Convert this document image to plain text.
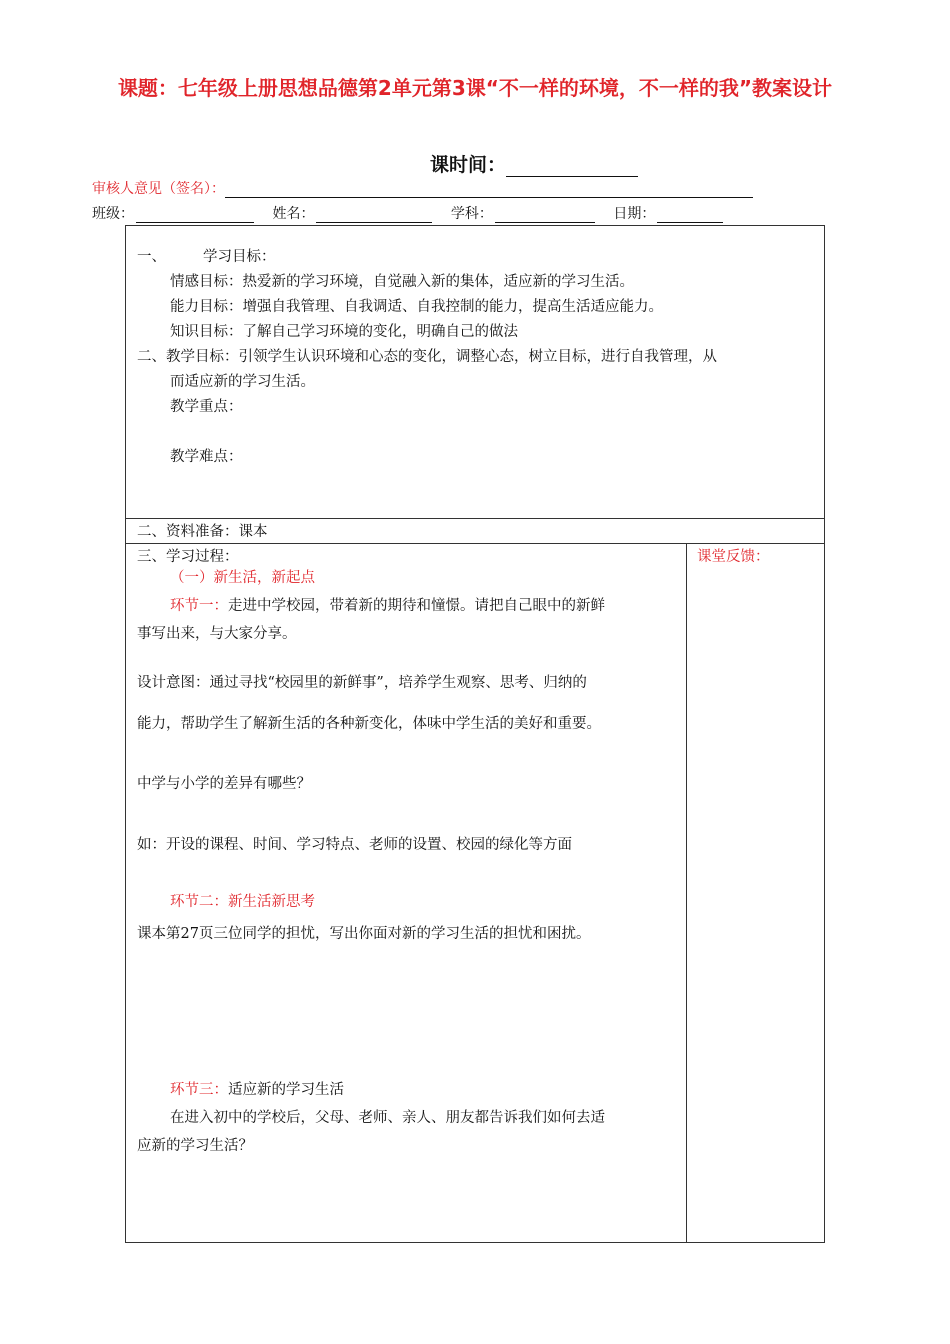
课题：七年级上册思想品德第2单元第3课“不一样的环境，不一样的我”教案设计
课时间：
审核人意见（签名）：
班级：	姓名：	学科：	日期：
一、	学习目标：
情感目标：热爱新的学习环境，自觉融入新的集体，适应新的学习生活。
能力目标：增强自我管理、自我调适、自我控制的能力，提高生活适应能力。
知识目标：了解自己学习环境的变化，明确自己的做法
二、教学目标：引领学生认识环境和心态的变化，调整心态，树立目标，进行自我管理，从
而适应新的学习生活。
教学重点：
教学难点：
二、资料准备：课本
三、学习过程：
（一）新生活，新起点
环节一：走进中学校园，带着新的期待和憧憬。请把自己眼中的新鲜
事写出来，与大家分享。
设计意图：通过寻找“校园里的新鲜事”，培养学生观察、思考、归纳的
能力，帮助学生了解新生活的各种新变化，体味中学生活的美好和重要。
中学与小学的差异有哪些？
如：开设的课程、时间、学习特点、老师的设置、校园的绿化等方面
环节二：新生活新思考
课本第27页三位同学的担忧，写出你面对新的学习生活的担忧和困扰。
环节三：适应新的学习生活
在进入初中的学校后，父母、老师、亲人、朋友都告诉我们如何去适
应新的学习生活？
课堂反馈：
